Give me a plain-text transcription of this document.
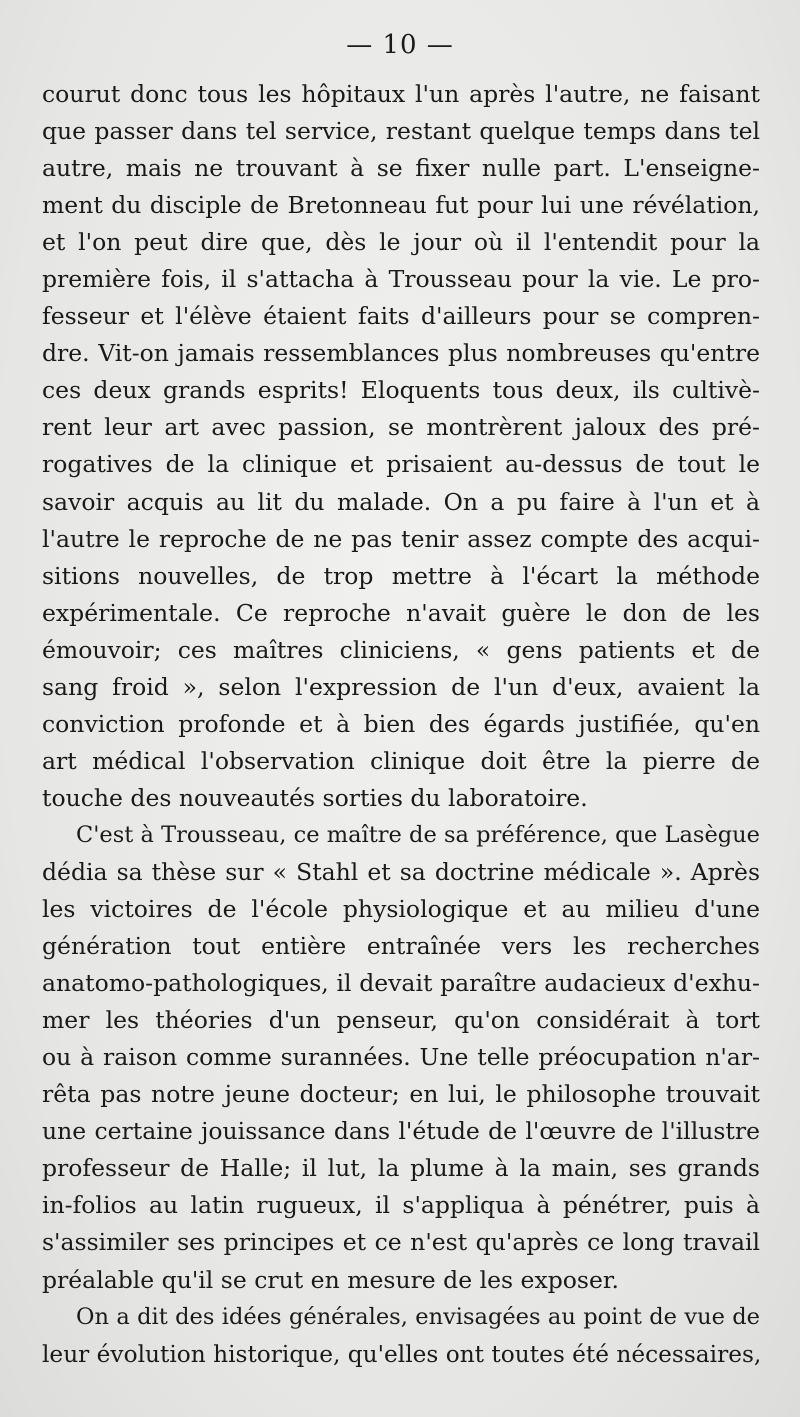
— 10 —
courut donc tous les hôpitaux l'un après l'autre, ne faisant
que passer dans tel service, restant quelque temps dans tel
autre, mais ne trouvant à se fixer nulle part. L'enseigne-
ment du disciple de Bretonneau fut pour lui une révélation,
et l'on peut dire que, dès le jour où il l'entendit pour la
première fois, il s'attacha à Trousseau pour la vie. Le pro-
fesseur et l'élève étaient faits d'ailleurs pour se compren-
dre. Vit-on jamais ressemblances plus nombreuses qu'entre
ces deux grands esprits! Eloquents tous deux, ils cultivè-
rent leur art avec passion, se montrèrent jaloux des pré-
rogatives de la clinique et prisaient au-dessus de tout le
savoir acquis au lit du malade. On a pu faire à l'un et à
l'autre le reproche de ne pas tenir assez compte des acqui-
sitions nouvelles, de trop mettre à l'écart la méthode
expérimentale. Ce reproche n'avait guère le don de les
émouvoir; ces maîtres cliniciens, « gens patients et de
sang froid », selon l'expression de l'un d'eux, avaient la
conviction profonde et à bien des égards justifiée, qu'en
art médical l'observation clinique doit être la pierre de
touche des nouveautés sorties du laboratoire.
C'est à Trousseau, ce maître de sa préférence, que Lasègue
dédia sa thèse sur « Stahl et sa doctrine médicale ». Après
les victoires de l'école physiologique et au milieu d'une
génération tout entière entraînée vers les recherches
anatomo-pathologiques, il devait paraître audacieux d'exhu-
mer les théories d'un penseur, qu'on considérait à tort
ou à raison comme surannées. Une telle préocupation n'ar-
rêta pas notre jeune docteur; en lui, le philosophe trouvait
une certaine jouissance dans l'étude de l'œuvre de l'illustre
professeur de Halle; il lut, la plume à la main, ses grands
in-folios au latin rugueux, il s'appliqua à pénétrer, puis à
s'assimiler ses principes et ce n'est qu'après ce long travail
préalable qu'il se crut en mesure de les exposer.
On a dit des idées générales, envisagées au point de vue de
leur évolution historique, qu'elles ont toutes été nécessaires,
